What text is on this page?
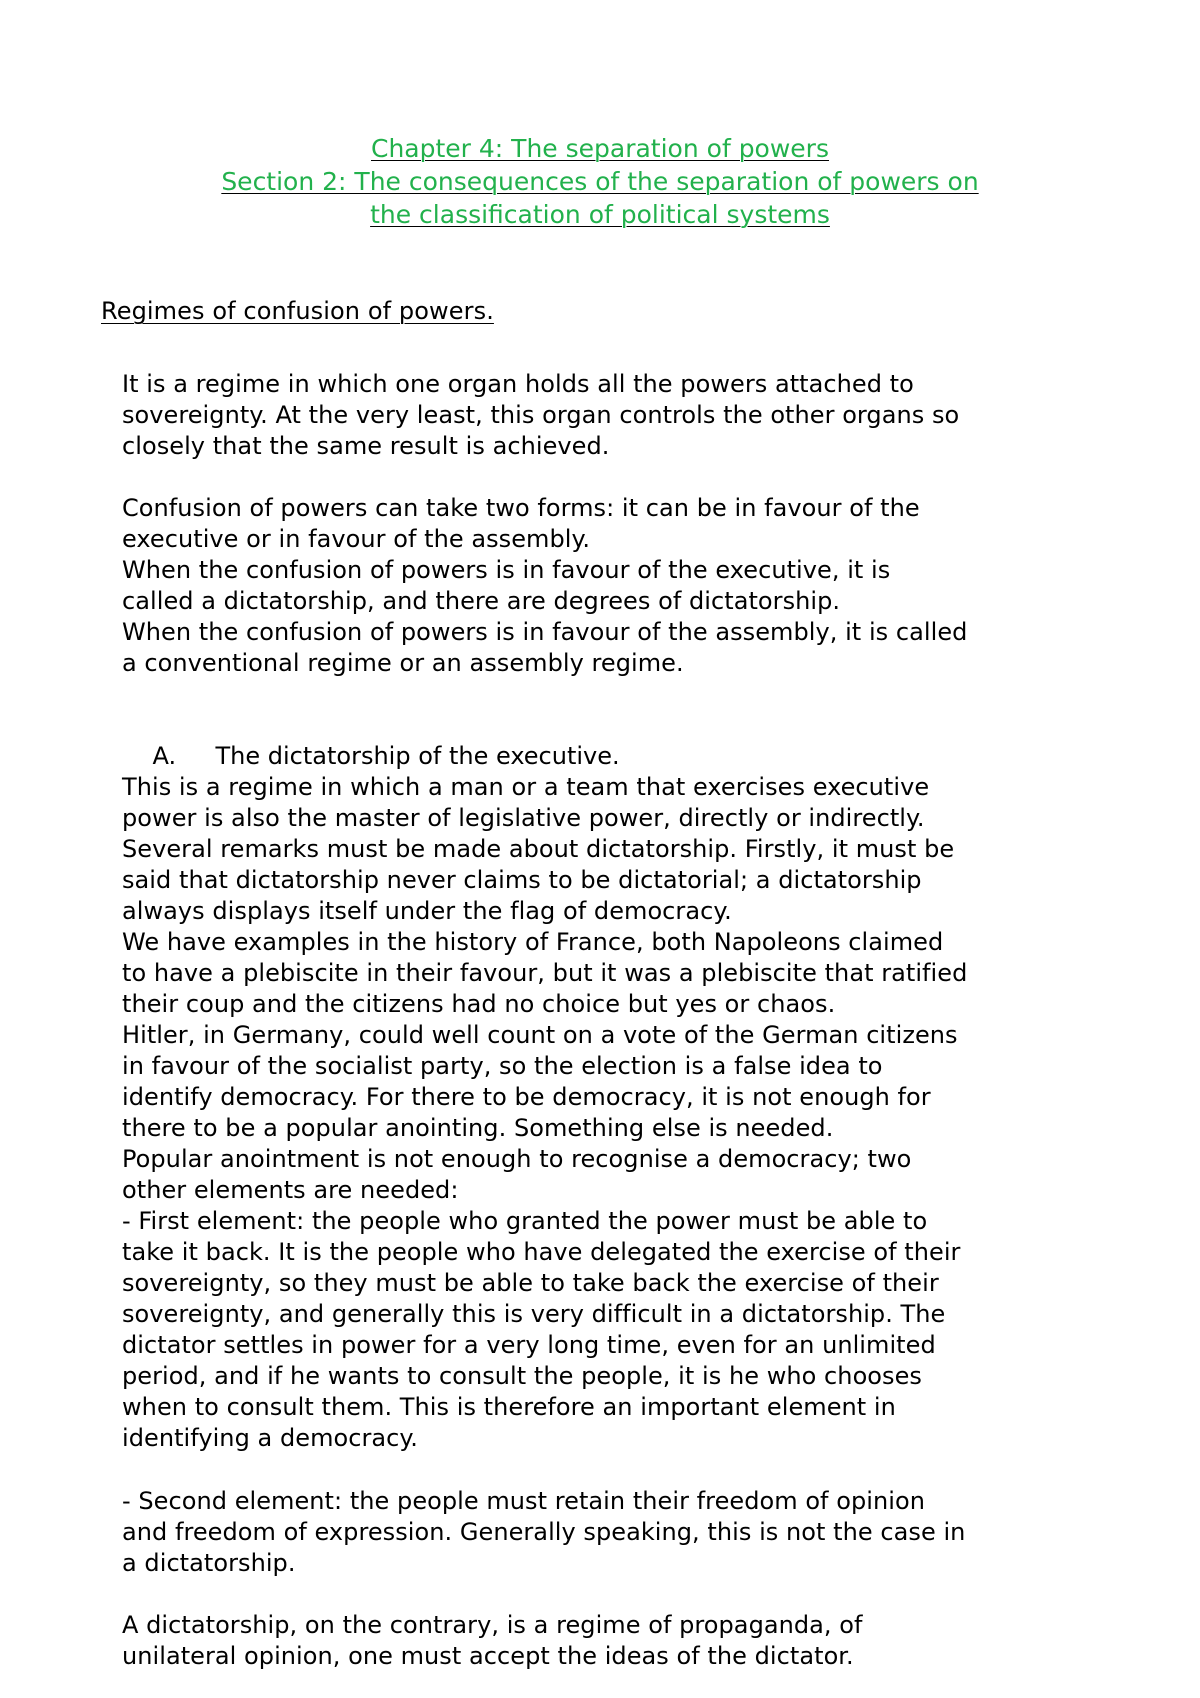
Chapter 4: The separation of powers
Section 2: The consequences of the separation of powers on
the classification of political systems
Regimes of confusion of powers.
It is a regime in which one organ holds all the powers attached to
sovereignty. At the very least, this organ controls the other organs so
closely that the same result is achieved.
Confusion of powers can take two forms: it can be in favour of the
executive or in favour of the assembly.
When the confusion of powers is in favour of the executive, it is
called a dictatorship, and there are degrees of dictatorship.
When the confusion of powers is in favour of the assembly, it is called
a conventional regime or an assembly regime.

A. The dictatorship of the executive.

This is a regime in which a man or a team that exercises executive
power is also the master of legislative power, directly or indirectly.
Several remarks must be made about dictatorship. Firstly, it must be
said that dictatorship never claims to be dictatorial; a dictatorship
always displays itself under the flag of democracy.
We have examples in the history of France, both Napoleons claimed
to have a plebiscite in their favour, but it was a plebiscite that ratified
their coup and the citizens had no choice but yes or chaos.
Hitler, in Germany, could well count on a vote of the German citizens
in favour of the socialist party, so the election is a false idea to
identify democracy. For there to be democracy, it is not enough for
there to be a popular anointing. Something else is needed.
Popular anointment is not enough to recognise a democracy; two
other elements are needed:
- First element: the people who granted the power must be able to
take it back. It is the people who have delegated the exercise of their
sovereignty, so they must be able to take back the exercise of their
sovereignty, and generally this is very difficult in a dictatorship. The
dictator settles in power for a very long time, even for an unlimited
period, and if he wants to consult the people, it is he who chooses
when to consult them. This is therefore an important element in
identifying a democracy.
- Second element: the people must retain their freedom of opinion
and freedom of expression. Generally speaking, this is not the case in
a dictatorship.
A dictatorship, on the contrary, is a regime of propaganda, of
unilateral opinion, one must accept the ideas of the dictator.
